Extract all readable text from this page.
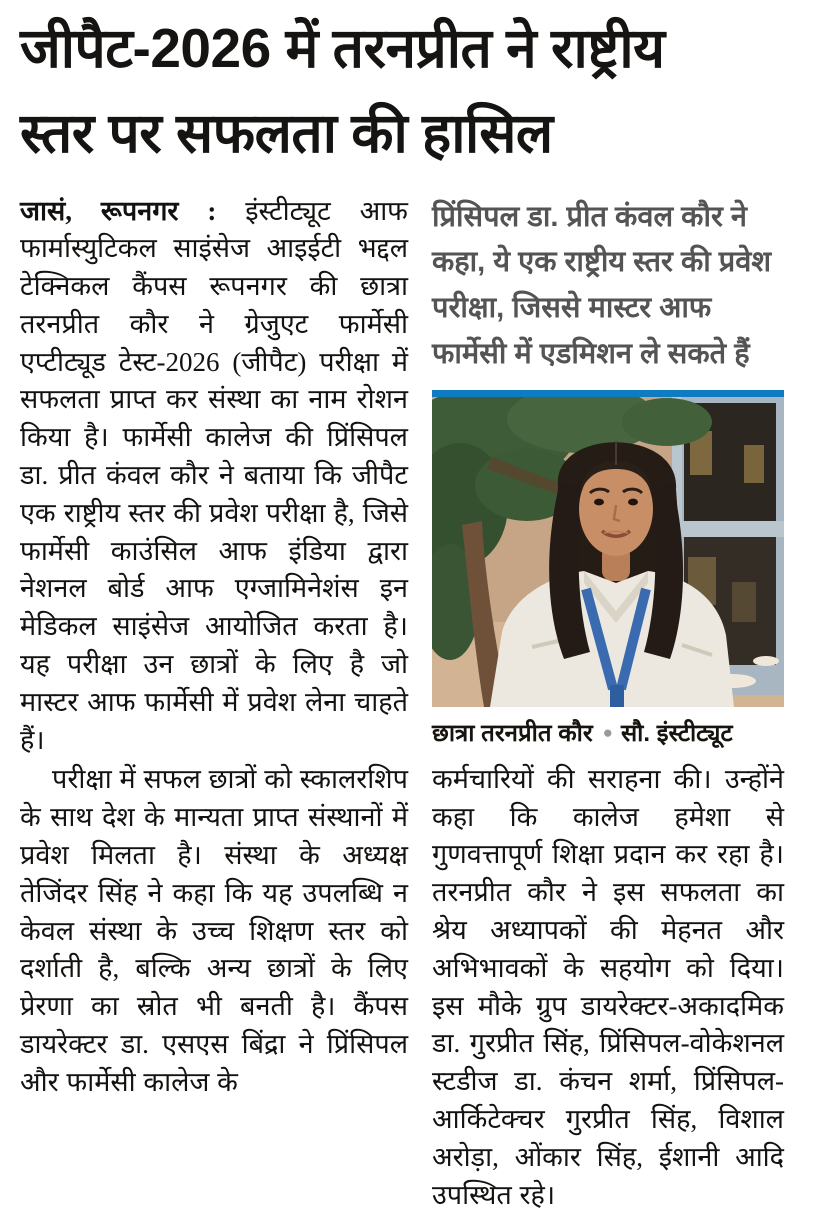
जीपैट-2026 में तरनप्रीत ने राष्ट्रीय
स्तर पर सफलता की हासिल

जासं, रूपनगर : इंस्टीट्यूट आफ फार्मास्युटिकल साइंसेज आइईटी भद्दल टेक्निकल कैंपस रूपनगर की छात्रा तरनप्रीत कौर ने ग्रेजुएट फार्मेसी एप्टीट्यूड टेस्ट-2026 (जीपैट) परीक्षा में सफलता प्राप्त कर संस्था का नाम रोशन किया है। फार्मेसी कालेज की प्रिंसिपल डा. प्रीत कंवल कौर ने बताया कि जीपैट एक राष्ट्रीय स्तर की प्रवेश परीक्षा है, जिसे फार्मेसी काउंसिल आफ इंडिया द्वारा नेशनल बोर्ड आफ एग्जामिनेशंस इन मेडिकल साइंसेज आयोजित करता है। यह परीक्षा उन छात्रों के लिए है जो मास्टर आफ फार्मेसी में प्रवेश लेना चाहते हैं।

परीक्षा में सफल छात्रों को स्कालरशिप के साथ देश के मान्यता प्राप्त संस्थानों में प्रवेश मिलता है। संस्था के अध्यक्ष तेजिंदर सिंह ने कहा कि यह उपलब्धि न केवल संस्था के उच्च शिक्षण स्तर को दर्शाती है, बल्कि अन्य छात्रों के लिए प्रेरणा का स्रोत भी बनती है। कैंपस डायरेक्टर डा. एसएस बिंद्रा ने प्रिंसिपल और फार्मेसी कालेज के

प्रिंसिपल डा. प्रीत कंवल कौर ने कहा, ये एक राष्ट्रीय स्तर की प्रवेश परीक्षा, जिससे मास्टर आफ फार्मेसी में एडमिशन ले सकते हैं
छात्रा तरनप्रीत कौर ● सौ. इंस्टीट्यूट

कर्मचारियों की सराहना की। उन्होंने कहा कि कालेज हमेशा से गुणवत्तापूर्ण शिक्षा प्रदान कर रहा है। तरनप्रीत कौर ने इस सफलता का श्रेय अध्यापकों की मेहनत और अभिभावकों के सहयोग को दिया। इस मौके ग्रुप डायरेक्टर-अकादमिक डा. गुरप्रीत सिंह, प्रिंसिपल-वोकेशनल स्टडीज डा. कंचन शर्मा, प्रिंसिपल-आर्किटेक्चर गुरप्रीत सिंह, विशाल अरोड़ा, ओंकार सिंह, ईशानी आदि उपस्थित रहे।
